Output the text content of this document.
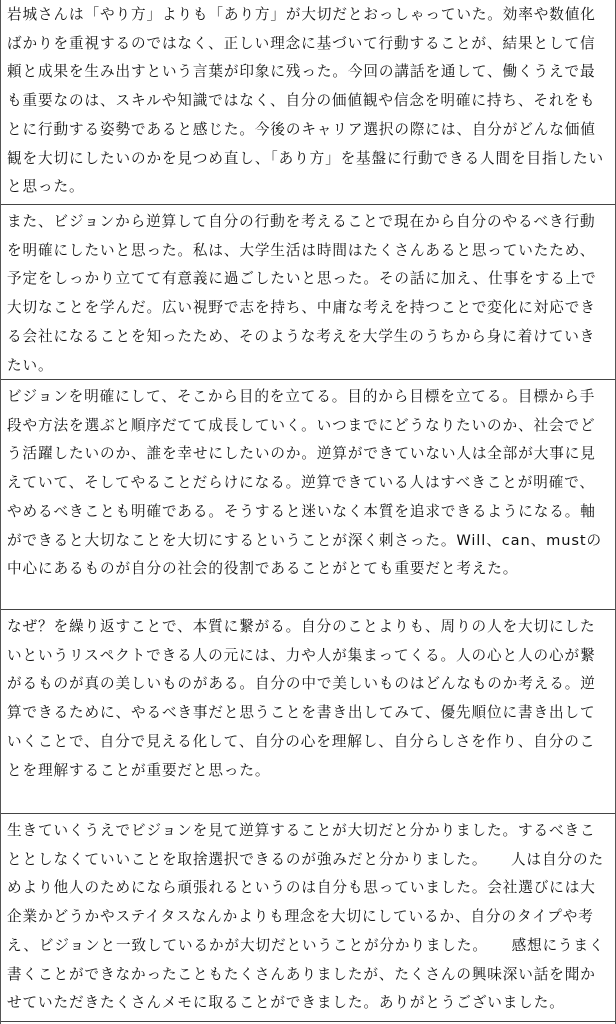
岩城さんは「やり方」よりも「あり方」が大切だとおっしゃっていた。効率や数値化ばかりを重視するのではなく、正しい理念に基づいて行動することが、結果として信頼と成果を生み出すという言葉が印象に残った。今回の講話を通して、働くうえで最も重要なのは、スキルや知識ではなく、自分の価値観や信念を明確に持ち、それをもとに行動する姿勢であると感じた。今後のキャリア選択の際には、自分がどんな価値観を大切にしたいのかを見つめ直し、「あり方」を基盤に行動できる人間を目指したいと思った。

また、ビジョンから逆算して自分の行動を考えることで現在から自分のやるべき行動を明確にしたいと思った。私は、大学生活は時間はたくさんあると思っていたため、予定をしっかり立てて有意義に過ごしたいと思った。その話に加え、仕事をする上で大切なことを学んだ。広い視野で志を持ち、中庸な考えを持つことで変化に対応できる会社になることを知ったため、そのような考えを大学生のうちから身に着けていきたい。

ビジョンを明確にして、そこから目的を立てる。目的から目標を立てる。目標から手段や方法を選ぶと順序だてて成長していく。いつまでにどうなりたいのか、社会でどう活躍したいのか、誰を幸せにしたいのか。逆算ができていない人は全部が大事に見えていて、そしてやることだらけになる。逆算できている人はすべきことが明確で、やめるべきことも明確である。そうすると迷いなく本質を追求できるようになる。軸ができると大切なことを大切にするということが深く刺さった。Will、can、mustの中心にあるものが自分の社会的役割であることがとても重要だと考えた。

なぜ？を繰り返すことで、本質に繋がる。自分のことよりも、周りの人を大切にしたいというリスペクトできる人の元には、力や人が集まってくる。人の心と人の心が繋がるものが真の美しいものがある。自分の中で美しいものはどんなものか考える。逆算できるために、やるべき事だと思うことを書き出してみて、優先順位に書き出していくことで、自分で見える化して、自分の心を理解し、自分らしさを作り、自分のことを理解することが重要だと思った。

生きていくうえでビジョンを見て逆算することが大切だと分かりました。するべきこととしなくていいことを取捨選択できるのが強みだと分かりました。　　人は自分のためより他人のためになら頑張れるというのは自分も思っていました。会社選びには大企業かどうかやステイタスなんかよりも理念を大切にしているか、自分のタイプや考え、ビジョンと一致しているかが大切だということが分かりました。　　感想にうまく書くことができなかったこともたくさんありましたが、たくさんの興味深い話を聞かせていただきたくさんメモに取ることができました。ありがとうございました。
